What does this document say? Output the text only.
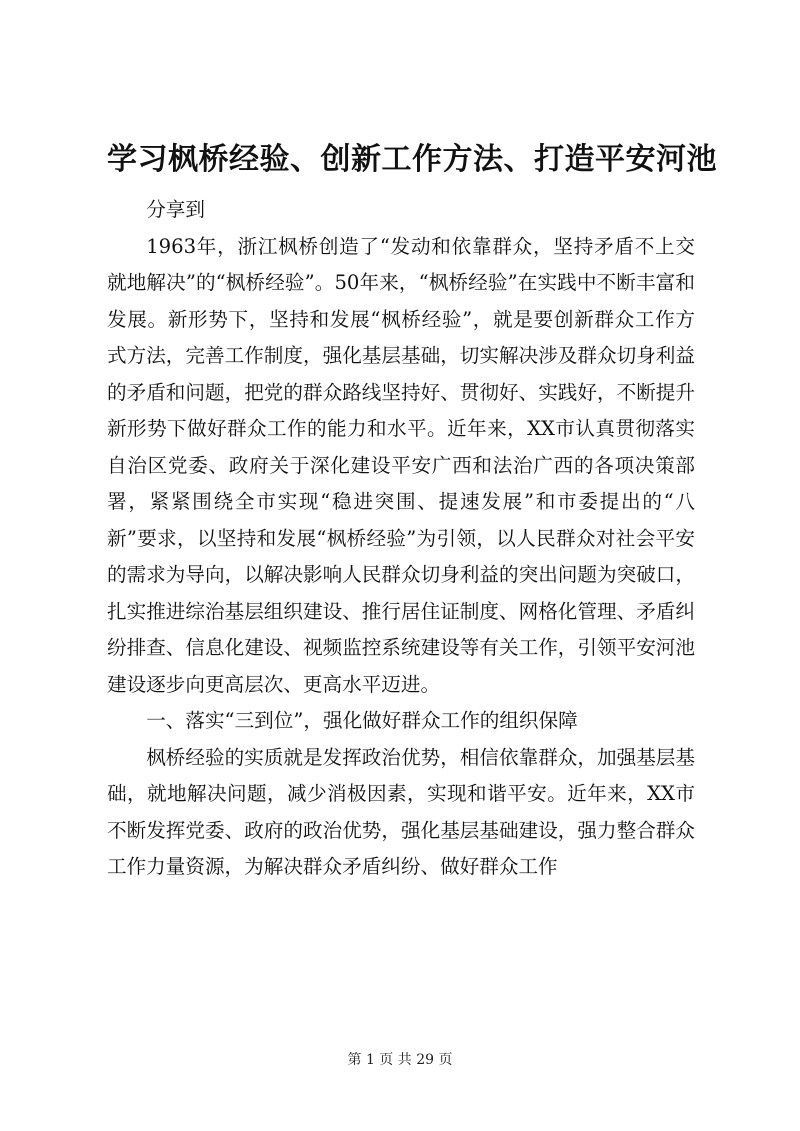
学习枫桥经验、创新工作方法、打造平安河池

分享到

1963年，浙江枫桥创造了“发动和依靠群众，坚持矛盾不上交就地解决”的“枫桥经验”。50年来，“枫桥经验”在实践中不断丰富和发展。新形势下，坚持和发展“枫桥经验”，就是要创新群众工作方式方法，完善工作制度，强化基层基础，切实解决涉及群众切身利益的矛盾和问题，把党的群众路线坚持好、贯彻好、实践好，不断提升新形势下做好群众工作的能力和水平。近年来，XX市认真贯彻落实自治区党委、政府关于深化建设平安广西和法治广西的各项决策部署，紧紧围绕全市实现“稳进突围、提速发展”和市委提出的“八新”要求，以坚持和发展“枫桥经验”为引领，以人民群众对社会平安的需求为导向，以解决影响人民群众切身利益的突出问题为突破口，扎实推进综治基层组织建设、推行居住证制度、网格化管理、矛盾纠纷排查、信息化建设、视频监控系统建设等有关工作，引领平安河池建设逐步向更高层次、更高水平迈进。

一、落实“三到位”，强化做好群众工作的组织保障

枫桥经验的实质就是发挥政治优势，相信依靠群众，加强基层基础，就地解决问题，减少消极因素，实现和谐平安。近年来，XX市不断发挥党委、政府的政治优势，强化基层基础建设，强力整合群众工作力量资源，为解决群众矛盾纠纷、做好群众工作

第 1 页 共 29 页
